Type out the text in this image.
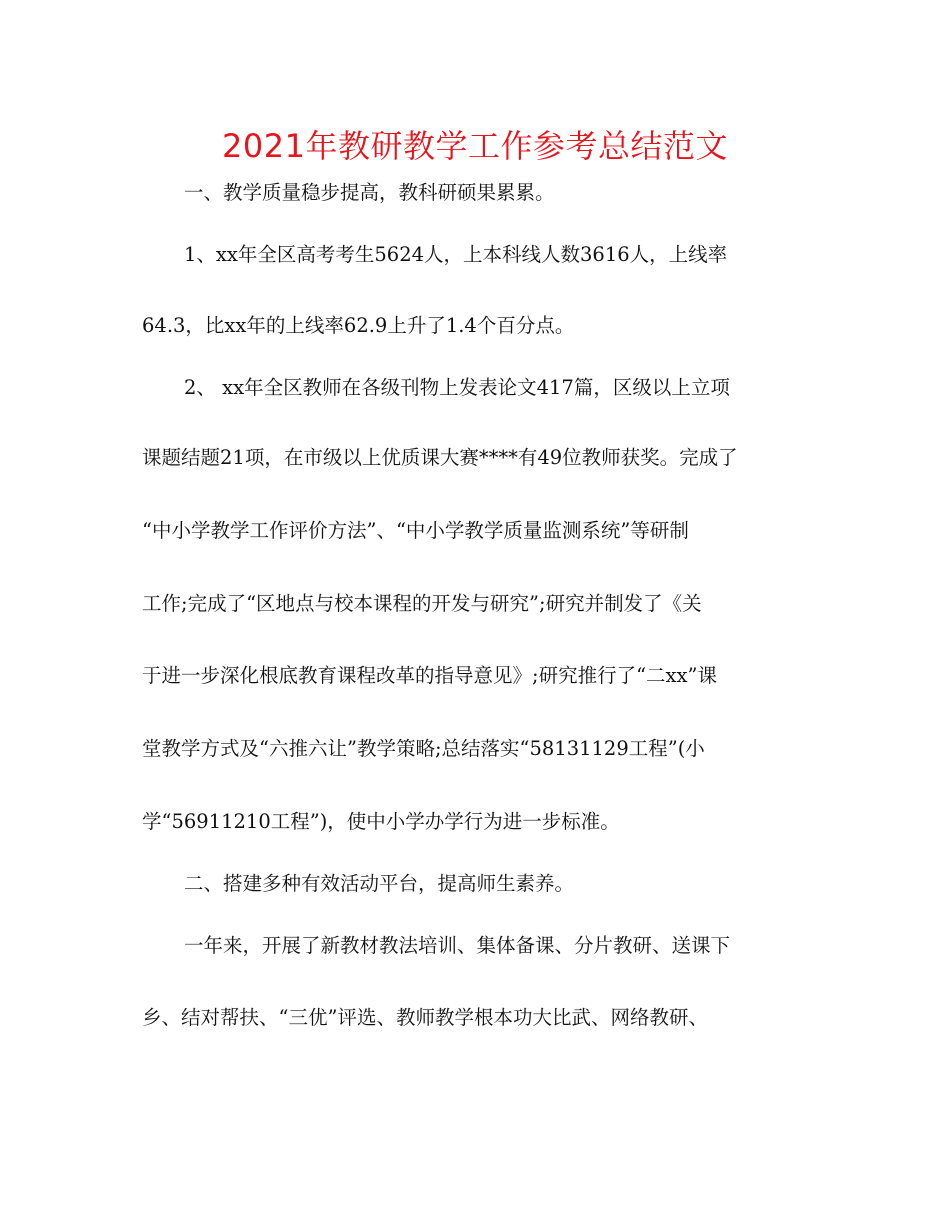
2021年教研教学工作参考总结范文
一、教学质量稳步提高，教科研硕果累累。
1、xx年全区高考考生5624人，上本科线人数3616人，上线率
64.3，比xx年的上线率62.9上升了1.4个百分点。
2、 xx年全区教师在各级刊物上发表论文417篇，区级以上立项
课题结题21项，在市级以上优质课大赛****有49位教师获奖。完成了
“中小学教学工作评价方法”、“中小学教学质量监测系统”等研制
工作;完成了“区地点与校本课程的开发与研究”;研究并制发了《关
于进一步深化根底教育课程改革的指导意见》;研究推行了“二xx”课
堂教学方式及“六推六让”教学策略;总结落实“58131129工程”(小
学“56911210工程”)，使中小学办学行为进一步标准。
二、搭建多种有效活动平台，提高师生素养。
一年来，开展了新教材教法培训、集体备课、分片教研、送课下
乡、结对帮扶、“三优”评选、教师教学根本功大比武、网络教研、
